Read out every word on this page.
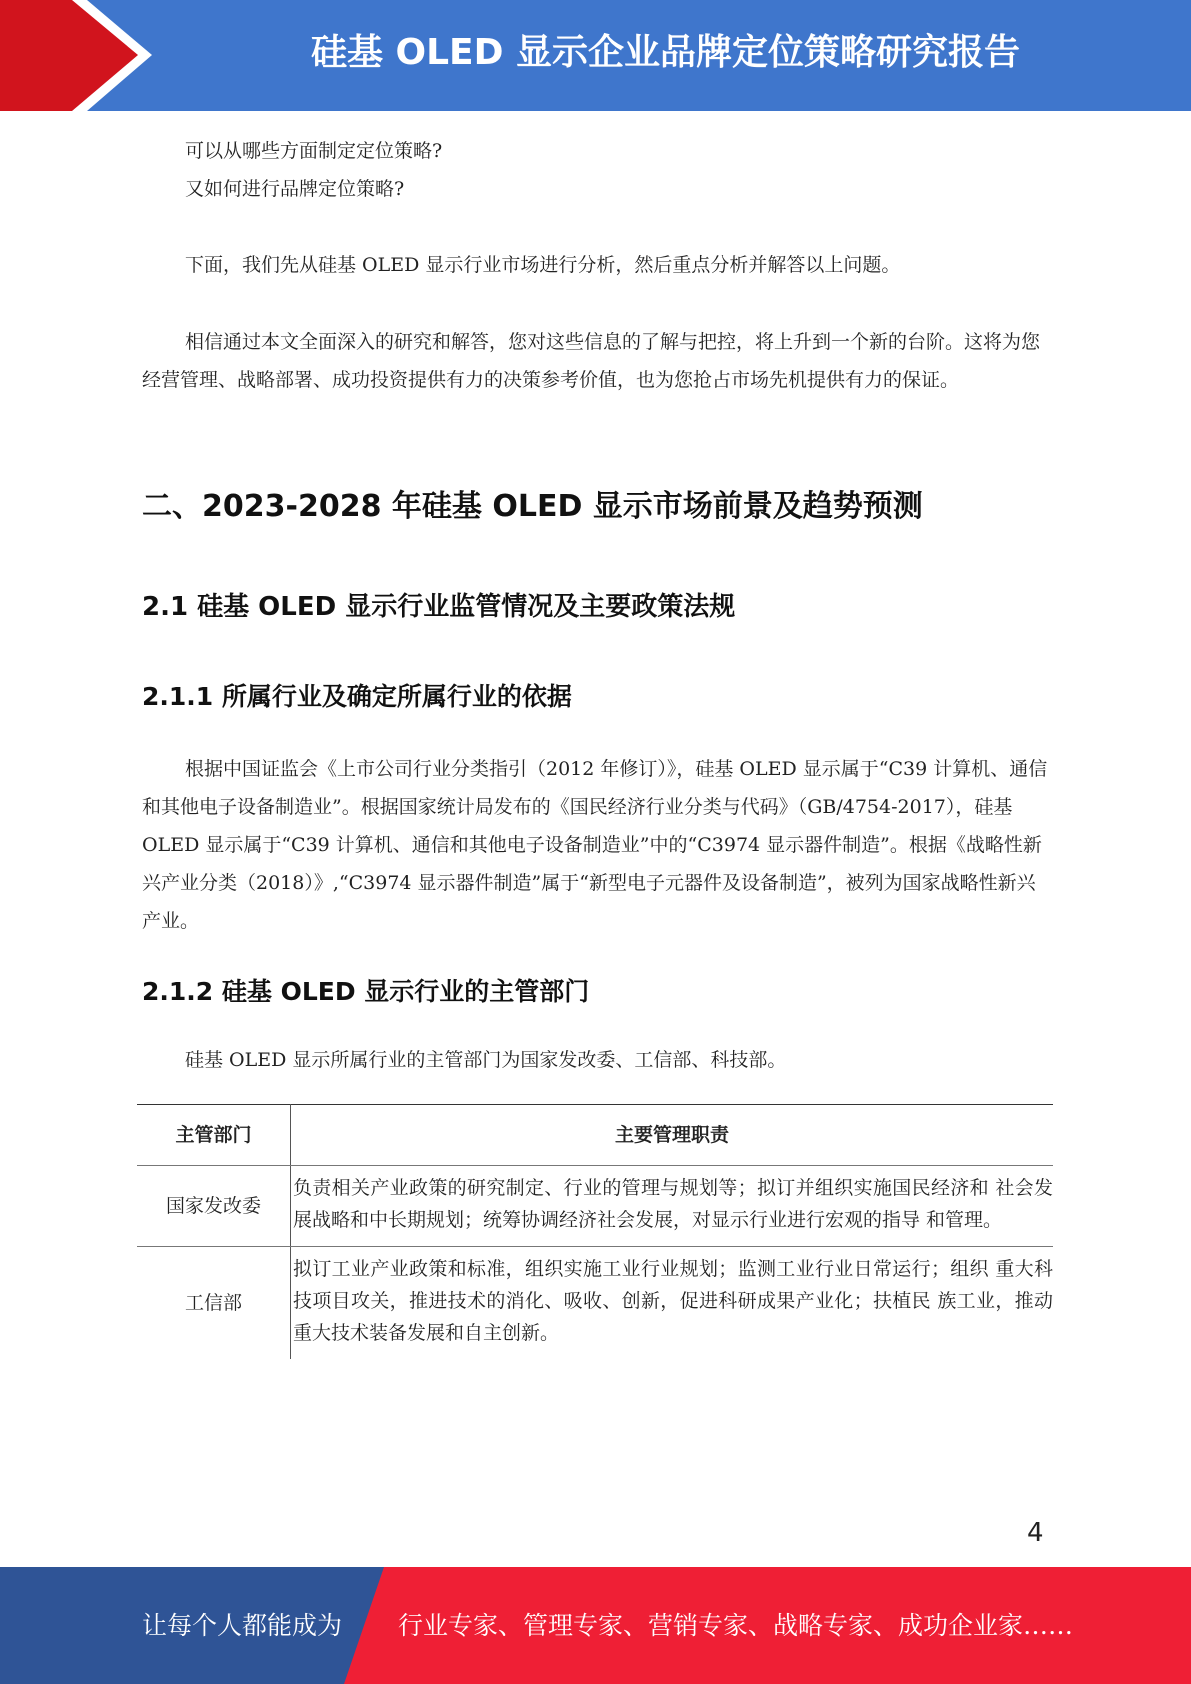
硅基 OLED 显示企业品牌定位策略研究报告

可以从哪些方面制定定位策略?

又如何进行品牌定位策略?

下面，我们先从硅基 OLED 显示行业市场进行分析，然后重点分析并解答以上问题。

相信通过本文全面深入的研究和解答，您对这些信息的了解与把控，将上升到一个新的台阶。这将为您经营管理、战略部署、成功投资提供有力的决策参考价值，也为您抢占市场先机提供有力的保证。

二、2023-2028 年硅基 OLED 显示市场前景及趋势预测
2.1 硅基 OLED 显示行业监管情况及主要政策法规
2.1.1 所属行业及确定所属行业的依据

根据中国证监会《上市公司行业分类指引（2012 年修订）》，硅基 OLED 显示属于“C39 计算机、通信和其他电子设备制造业”。根据国家统计局发布的《国民经济行业分类与代码》（GB/4754-2017），硅基 OLED 显示属于“C39 计算机、通信和其他电子设备制造业”中的“C3974 显示器件制造”。根据《战略性新兴产业分类（2018）》,“C3974 显示器件制造”属于“新型电子元器件及设备制造”，被列为国家战略性新兴产业。

2.1.2 硅基 OLED 显示行业的主管部门

硅基 OLED 显示所属行业的主管部门为国家发改委、工信部、科技部。

主管部门	主要管理职责
国家发改委	负责相关产业政策的研究制定、行业的管理与规划等；拟订并组织实施国民经济和 社会发展战略和中长期规划；统筹协调经济社会发展，对显示行业进行宏观的指导 和管理。
工信部	拟订工业产业政策和标准，组织实施工业行业规划；监测工业行业日常运行；组织 重大科技项目攻关，推进技术的消化、吸收、创新，促进科研成果产业化；扶植民 族工业，推动重大技术装备发展和自主创新。
4
让每个人都能成为 行业专家、管理专家、营销专家、战略专家、成功企业家……
